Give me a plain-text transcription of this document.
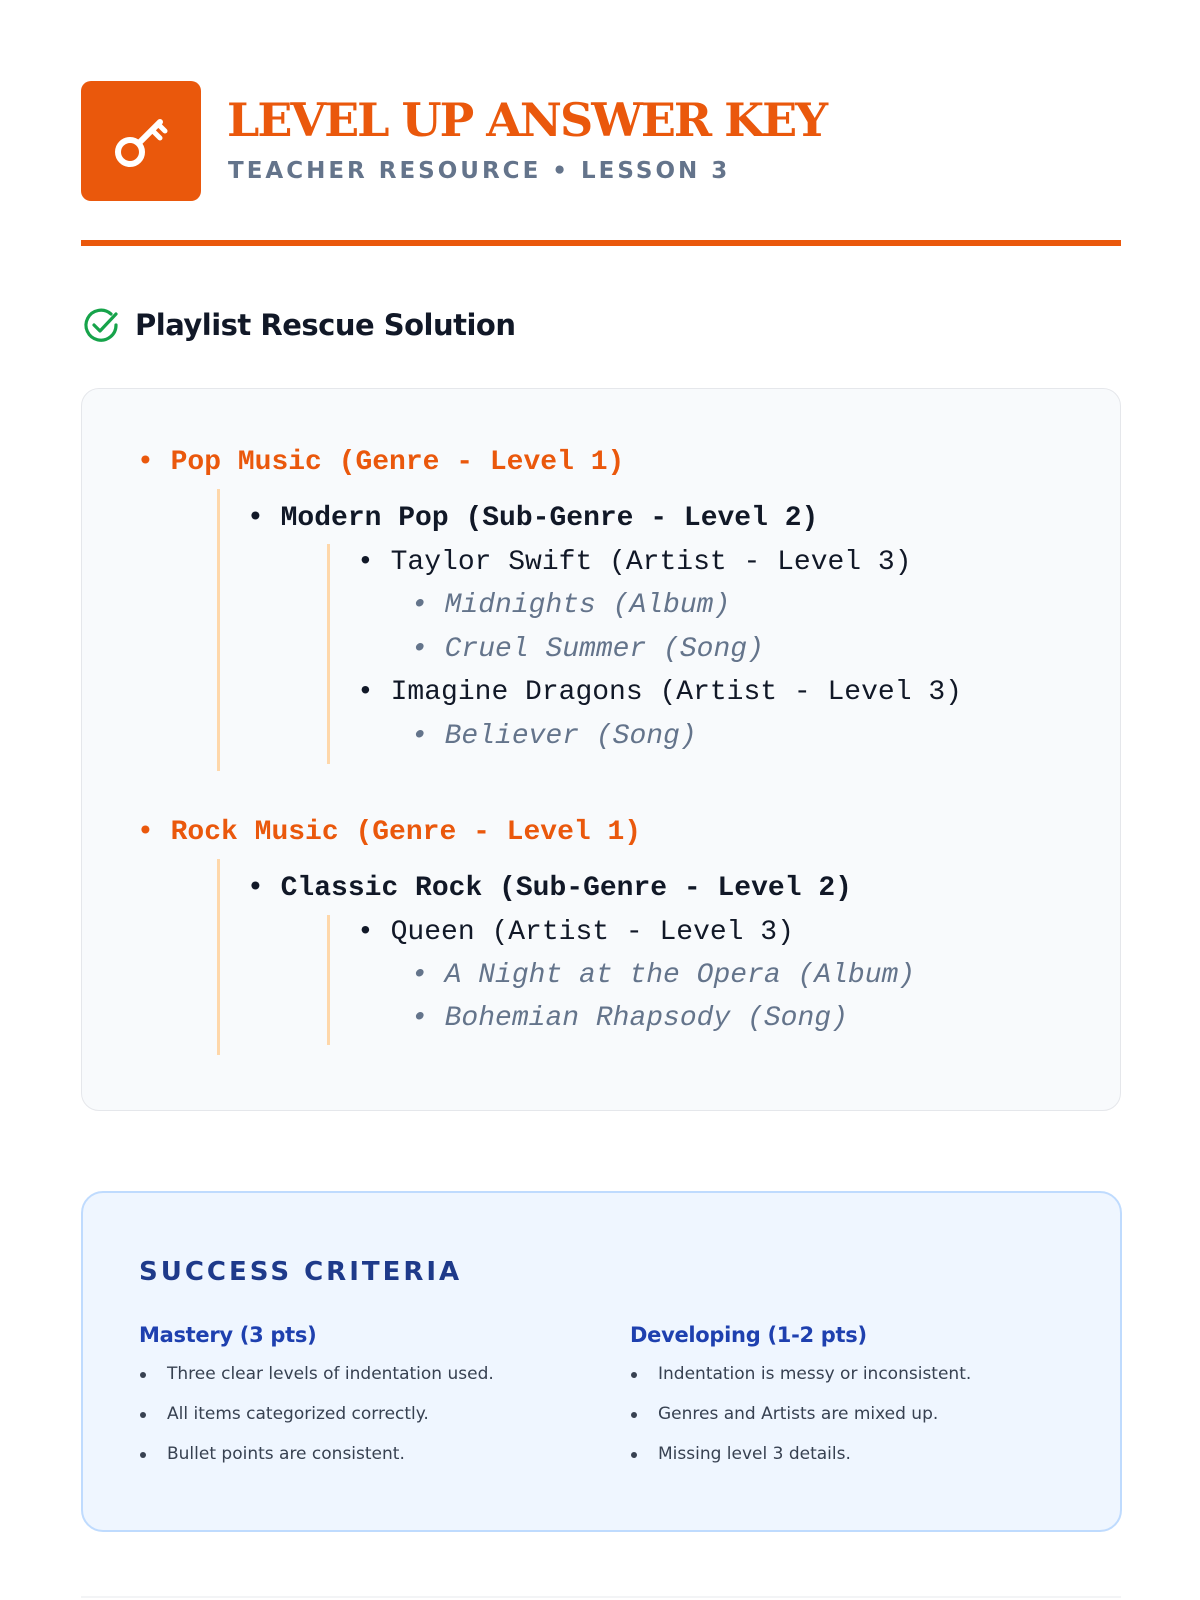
LEVEL UP ANSWER KEY
TEACHER RESOURCE • LESSON 3
Playlist Rescue Solution
• Pop Music (Genre - Level 1)
• Modern Pop (Sub-Genre - Level 2)
• Taylor Swift (Artist - Level 3)
• Midnights (Album)
• Cruel Summer (Song)
• Imagine Dragons (Artist - Level 3)
• Believer (Song)
• Rock Music (Genre - Level 1)
• Classic Rock (Sub-Genre - Level 2)
• Queen (Artist - Level 3)
• A Night at the Opera (Album)
• Bohemian Rhapsody (Song)
SUCCESS CRITERIA
Mastery (3 pts)
Three clear levels of indentation used.
All items categorized correctly.
Bullet points are consistent.
Developing (1-2 pts)
Indentation is messy or inconsistent.
Genres and Artists are mixed up.
Missing level 3 details.
